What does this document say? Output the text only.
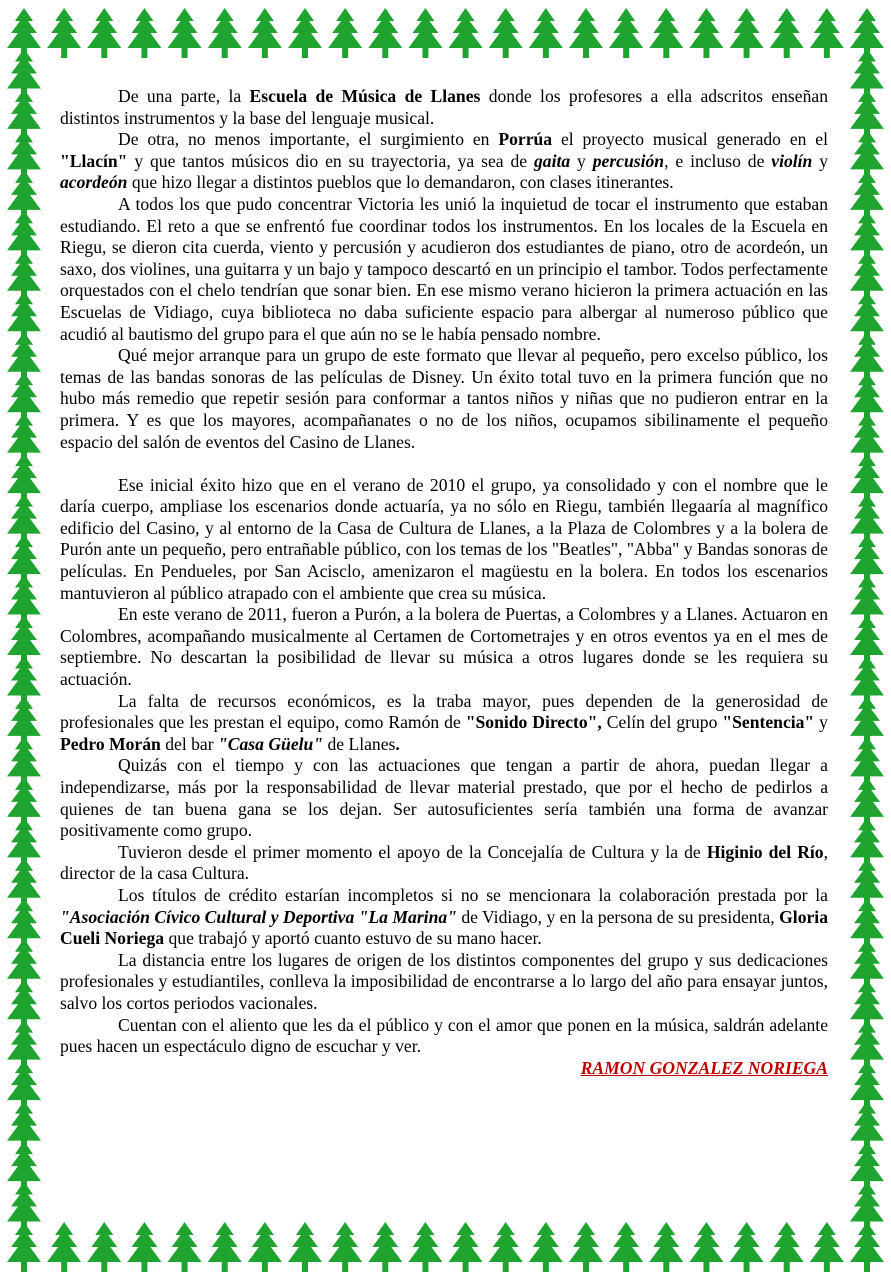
De una parte, la Escuela de Música de Llanes donde los profesores a ella adscritos enseñan distintos instrumentos y la base del lenguaje musical.

De otra, no menos importante, el surgimiento en Porrúa el proyecto musical generado en el "Llacín" y que tantos músicos dio en su trayectoria, ya sea de gaita y percusión, e incluso de violín y acordeón que hizo llegar a distintos pueblos que lo demandaron, con clases itinerantes.

A todos los que pudo concentrar Victoria les unió la inquietud de tocar el instrumento que estaban estudiando. El reto a que se enfrentó fue coordinar todos los instrumentos. En los locales de la Escuela en Riegu, se dieron cita cuerda, viento y percusión y acudieron dos estudiantes de piano, otro de acordeón, un saxo, dos violines, una guitarra y un bajo y tampoco descartó en un principio el tambor. Todos perfectamente orquestados con el chelo tendrían que sonar bien. En ese mismo verano hicieron la primera actuación en las Escuelas de Vidiago, cuya biblioteca no daba suficiente espacio para albergar al numeroso público que acudió al bautismo del grupo para el que aún no se le había pensado nombre.

Qué mejor arranque para un grupo de este formato que llevar al pequeño, pero excelso público, los temas de las bandas sonoras de las películas de Disney. Un éxito total tuvo en la primera función que no hubo más remedio que repetir sesión para conformar a tantos niños y niñas que no pudieron entrar en la primera. Y es que los mayores, acompañanates o no de los niños, ocupamos sibilinamente el pequeño espacio del salón de eventos del Casino de Llanes.

Ese inicial éxito hizo que en el verano de 2010 el grupo, ya consolidado y con el nombre que le daría cuerpo, ampliase los escenarios donde actuaría, ya no sólo en Riegu, también llegaaría al magnífico edificio del Casino, y al entorno de la Casa de Cultura de Llanes, a la Plaza de Colombres y a la bolera de Purón ante un pequeño, pero entrañable público, con los temas de los "Beatles", "Abba" y Bandas sonoras de películas. En Pendueles, por San Acisclo, amenizaron el magüestu en la bolera. En todos los escenarios mantuvieron al público atrapado con el ambiente que crea su música.

En este verano de 2011, fueron a Purón, a la bolera de Puertas, a Colombres y a Llanes. Actuaron en Colombres, acompañando musicalmente al Certamen de Cortometrajes y en otros eventos ya en el mes de septiembre. No descartan la posibilidad de llevar su música a otros lugares donde se les requiera su actuación.

La falta de recursos económicos, es la traba mayor, pues dependen de la generosidad de profesionales que les prestan el equipo, como Ramón de "Sonido Directo", Celín del grupo "Sentencia" y Pedro Morán del bar "Casa Güelu" de Llanes.

Quizás con el tiempo y con las actuaciones que tengan a partir de ahora, puedan llegar a independizarse, más por la responsabilidad de llevar material prestado, que por el hecho de pedirlos a quienes de tan buena gana se los dejan. Ser autosuficientes sería también una forma de avanzar positivamente como grupo.

Tuvieron desde el primer momento el apoyo de la Concejalía de Cultura y la de Higinio del Río, director de la casa Cultura.

Los títulos de crédito estarían incompletos si no se mencionara la colaboración prestada por la "Asociación Cívico Cultural y Deportiva "La Marina" de Vidiago, y en la persona de su presidenta, Gloria Cueli Noriega que trabajó y aportó cuanto estuvo de su mano hacer.

La distancia entre los lugares de origen de los distintos componentes del grupo y sus dedicaciones profesionales y estudiantiles, conlleva la imposibilidad de encontrarse a lo largo del año para ensayar juntos, salvo los cortos periodos vacionales.

Cuentan con el aliento que les da el público y con el amor que ponen en la música, saldrán adelante pues hacen un espectáculo digno de escuchar y ver.

RAMON GONZALEZ NORIEGA
